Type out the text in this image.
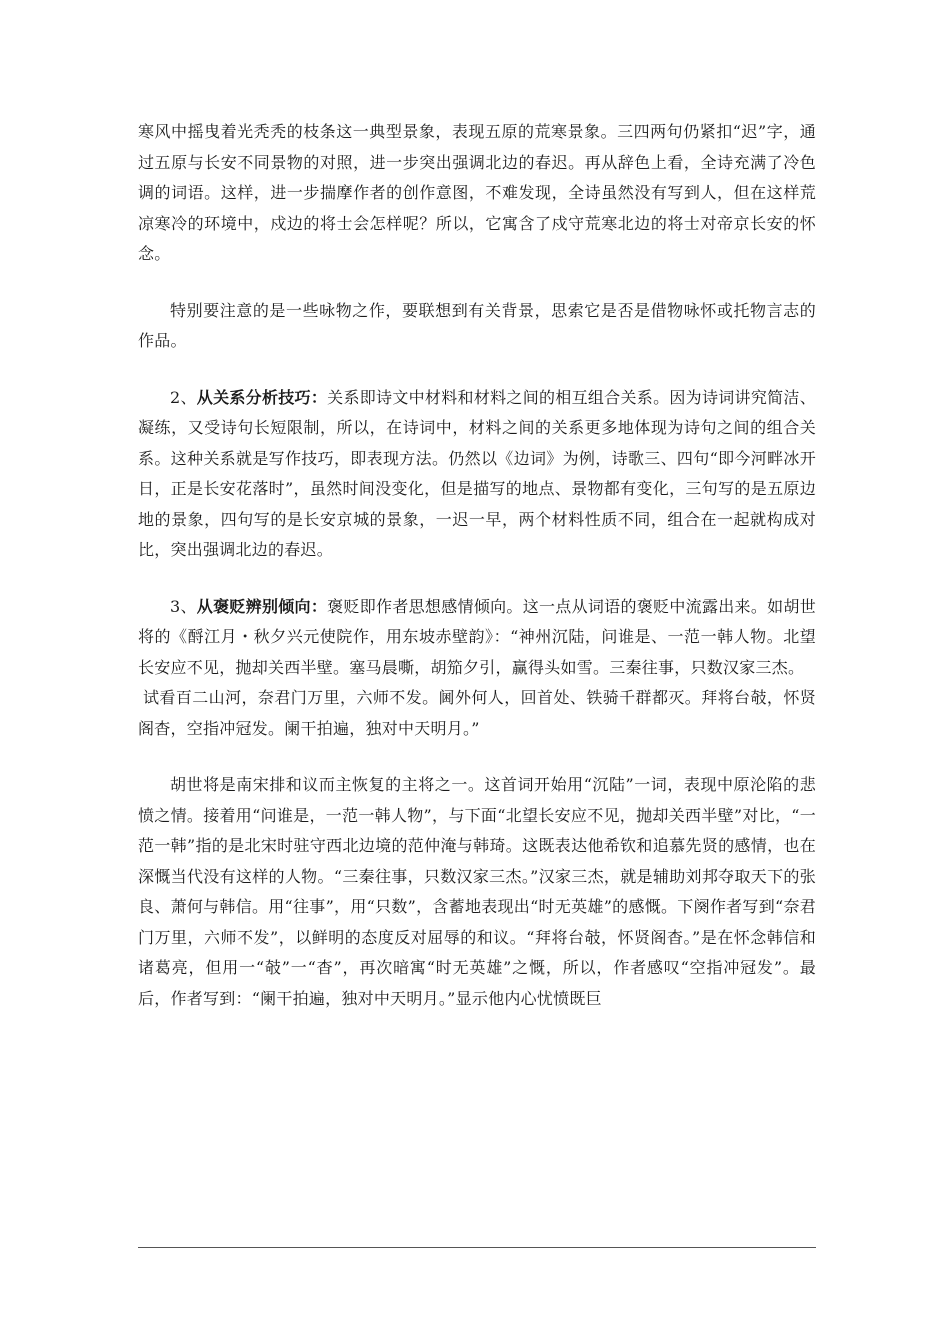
寒风中摇曳着光秃秃的枝条这一典型景象，表现五原的荒寒景象。三四两句仍紧扣“迟”字，通过五原与长安不同景物的对照，进一步突出强调北边的春迟。再从辞色上看，全诗充满了冷色调的词语。这样，进一步揣摩作者的创作意图，不难发现，全诗虽然没有写到人，但在这样荒凉寒冷的环境中，戍边的将士会怎样呢？所以，它寓含了戍守荒寒北边的将士对帝京长安的怀念。

特别要注意的是一些咏物之作，要联想到有关背景，思索它是否是借物咏怀或托物言志的作品。

2、从关系分析技巧：关系即诗文中材料和材料之间的相互组合关系。因为诗词讲究简洁、凝练，又受诗句长短限制，所以，在诗词中，材料之间的关系更多地体现为诗句之间的组合关系。这种关系就是写作技巧，即表现方法。仍然以《边词》为例，诗歌三、四句“即今河畔冰开日，正是长安花落时”，虽然时间没变化，但是描写的地点、景物都有变化，三句写的是五原边地的景象，四句写的是长安京城的景象，一迟一早，两个材料性质不同，组合在一起就构成对比，突出强调北边的春迟。

3、从褒贬辨别倾向：褒贬即作者思想感情倾向。这一点从词语的褒贬中流露出来。如胡世将的《酹江月・秋夕兴元使院作，用东坡赤壁韵》：“神州沉陆，问谁是、一范一韩人物。北望长安应不见，抛却关西半壁。塞马晨嘶，胡笳夕引，赢得头如雪。三秦往事，只数汉家三杰。

试看百二山河，奈君门万里，六师不发。阃外何人，回首处、铁骑千群都灭。拜将台攲，怀贤阁杳，空指冲冠发。阑干拍遍，独对中天明月。”

胡世将是南宋排和议而主恢复的主将之一。这首词开始用“沉陆”一词，表现中原沦陷的悲愤之情。接着用“问谁是，一范一韩人物”，与下面“北望长安应不见，抛却关西半壁”对比，“一范一韩”指的是北宋时驻守西北边境的范仲淹与韩琦。这既表达他希钦和追慕先贤的感情，也在深慨当代没有这样的人物。“三秦往事，只数汉家三杰。”汉家三杰，就是辅助刘邦夺取天下的张良、萧何与韩信。用“往事”，用“只数”，含蓄地表现出“时无英雄”的感慨。下阕作者写到“奈君门万里，六师不发”，以鲜明的态度反对屈辱的和议。“拜将台攲，怀贤阁杳。”是在怀念韩信和诸葛亮，但用一“攲”一“杳”，再次暗寓“时无英雄”之慨，所以，作者感叹“空指冲冠发”。最后，作者写到：“阑干拍遍，独对中天明月。”显示他内心忧愤既巨
